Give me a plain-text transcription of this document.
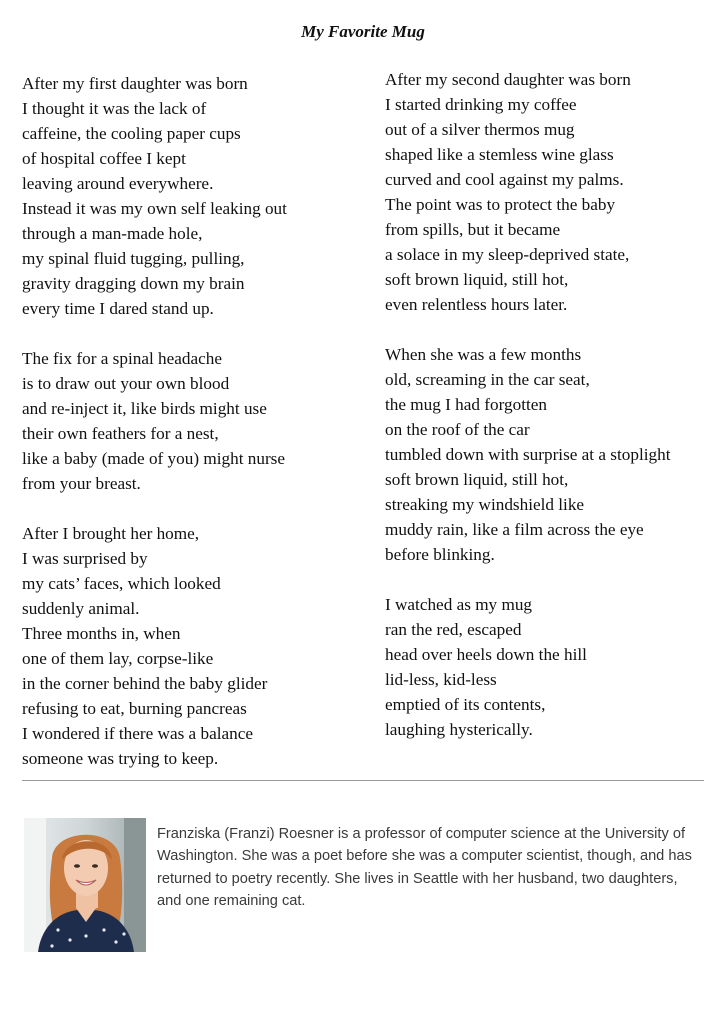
My Favorite Mug
After my first daughter was born
I thought it was the lack of
caffeine, the cooling paper cups
of hospital coffee I kept
leaving around everywhere.
Instead it was my own self leaking out
through a man-made hole,
my spinal fluid tugging, pulling,
gravity dragging down my brain
every time I dared stand up.
The fix for a spinal headache
is to draw out your own blood
and re-inject it, like birds might use
their own feathers for a nest,
like a baby (made of you) might nurse
from your breast.
After I brought her home,
I was surprised by
my cats’ faces, which looked
suddenly animal.
Three months in, when
one of them lay, corpse-like
in the corner behind the baby glider
refusing to eat, burning pancreas
I wondered if there was a balance
someone was trying to keep.
After my second daughter was born
I started drinking my coffee
out of a silver thermos mug
shaped like a stemless wine glass
curved and cool against my palms.
The point was to protect the baby
from spills, but it became
a solace in my sleep-deprived state,
soft brown liquid, still hot,
even relentless hours later.
When she was a few months
old, screaming in the car seat,
the mug I had forgotten
on the roof of the car
tumbled down with surprise at a stoplight
soft brown liquid, still hot,
streaking my windshield like
muddy rain, like a film across the eye
before blinking.
I watched as my mug
ran the red, escaped
head over heels down the hill
lid-less, kid-less
emptied of its contents,
laughing hysterically.
Franziska (Franzi) Roesner is a professor of computer science at the University of Washington. She was a poet before she was a computer scientist, though, and has returned to poetry recently. She lives in Seattle with her husband, two daughters, and one remaining cat.
